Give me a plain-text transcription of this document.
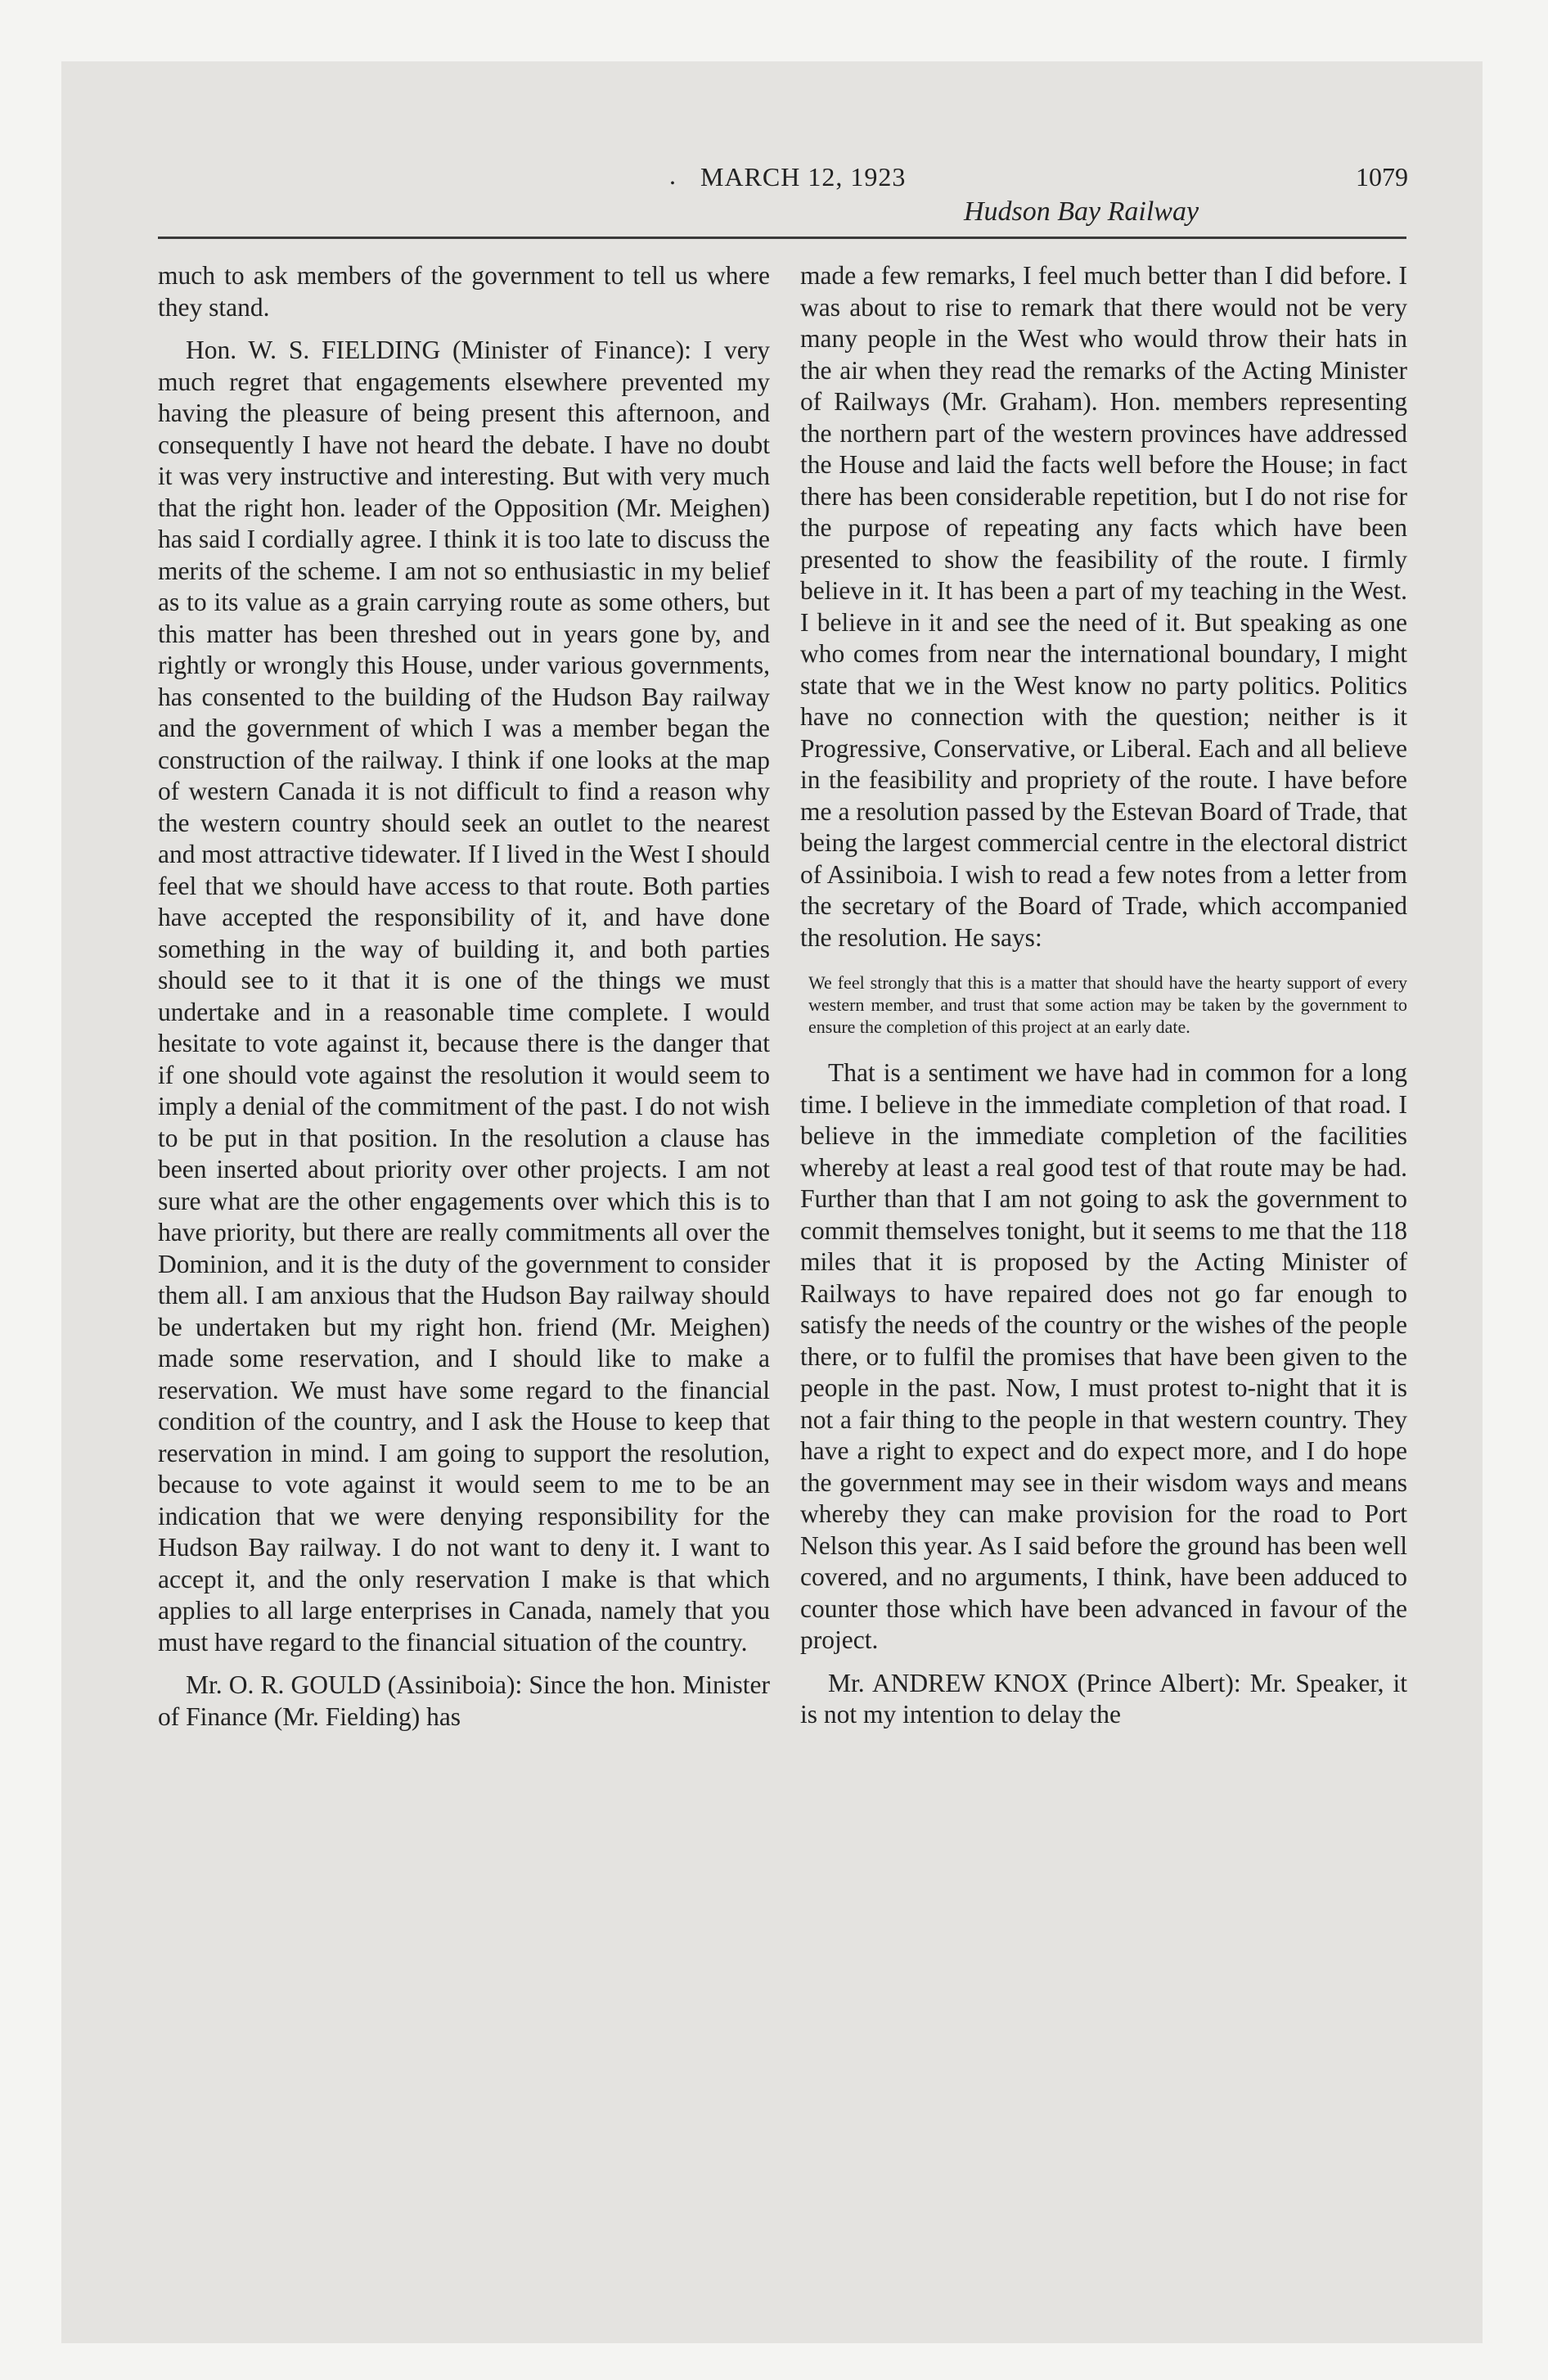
. MARCH 12, 1923	1079
Hudson Bay Railway

much to ask members of the government to tell us where they stand.

Hon. W. S. FIELDING (Minister of Finance): I very much regret that engagements elsewhere prevented my having the pleasure of being present this afternoon, and consequently I have not heard the debate. I have no doubt it was very instructive and interesting. But with very much that the right hon. leader of the Opposition (Mr. Meighen) has said I cordially agree. I think it is too late to discuss the merits of the scheme. I am not so enthusiastic in my belief as to its value as a grain carrying route as some others, but this matter has been threshed out in years gone by, and rightly or wrongly this House, under various governments, has consented to the building of the Hudson Bay railway and the government of which I was a member began the construction of the railway. I think if one looks at the map of western Canada it is not difficult to find a reason why the western country should seek an outlet to the nearest and most attractive tidewater. If I lived in the West I should feel that we should have access to that route. Both parties have accepted the responsibility of it, and have done something in the way of building it, and both parties should see to it that it is one of the things we must undertake and in a reasonable time complete. I would hesitate to vote against it, because there is the danger that if one should vote against the resolution it would seem to imply a denial of the commitment of the past. I do not wish to be put in that position. In the resolution a clause has been inserted about priority over other projects. I am not sure what are the other engagements over which this is to have priority, but there are really commitments all over the Dominion, and it is the duty of the government to consider them all. I am anxious that the Hudson Bay railway should be undertaken but my right hon. friend (Mr. Meighen) made some reservation, and I should like to make a reservation. We must have some regard to the financial condition of the country, and I ask the House to keep that reservation in mind. I am going to support the resolution, because to vote against it would seem to me to be an indication that we were denying responsibility for the Hudson Bay railway. I do not want to deny it. I want to accept it, and the only reservation I make is that which applies to all large enterprises in Canada, namely that you must have regard to the financial situation of the country.

Mr. O. R. GOULD (Assiniboia): Since the hon. Minister of Finance (Mr. Fielding) has

made a few remarks, I feel much better than I did before. I was about to rise to remark that there would not be very many people in the West who would throw their hats in the air when they read the remarks of the Acting Minister of Railways (Mr. Graham). Hon. members representing the northern part of the western provinces have addressed the House and laid the facts well before the House; in fact there has been considerable repetition, but I do not rise for the purpose of repeating any facts which have been presented to show the feasibility of the route. I firmly believe in it. It has been a part of my teaching in the West. I believe in it and see the need of it. But speaking as one who comes from near the international boundary, I might state that we in the West know no party politics. Politics have no connection with the question; neither is it Progressive, Conservative, or Liberal. Each and all believe in the feasibility and propriety of the route. I have before me a resolution passed by the Estevan Board of Trade, that being the largest commercial centre in the electoral district of Assiniboia. I wish to read a few notes from a letter from the secretary of the Board of Trade, which accompanied the resolution. He says:

We feel strongly that this is a matter that should have the hearty support of every western member, and trust that some action may be taken by the government to ensure the completion of this project at an early date.

That is a sentiment we have had in common for a long time. I believe in the immediate completion of that road. I believe in the immediate completion of the facilities whereby at least a real good test of that route may be had. Further than that I am not going to ask the government to commit themselves tonight, but it seems to me that the 118 miles that it is proposed by the Acting Minister of Railways to have repaired does not go far enough to satisfy the needs of the country or the wishes of the people there, or to fulfil the promises that have been given to the people in the past. Now, I must protest to-night that it is not a fair thing to the people in that western country. They have a right to expect and do expect more, and I do hope the government may see in their wisdom ways and means whereby they can make provision for the road to Port Nelson this year. As I said before the ground has been well covered, and no arguments, I think, have been adduced to counter those which have been advanced in favour of the project.

Mr. ANDREW KNOX (Prince Albert): Mr. Speaker, it is not my intention to delay the
